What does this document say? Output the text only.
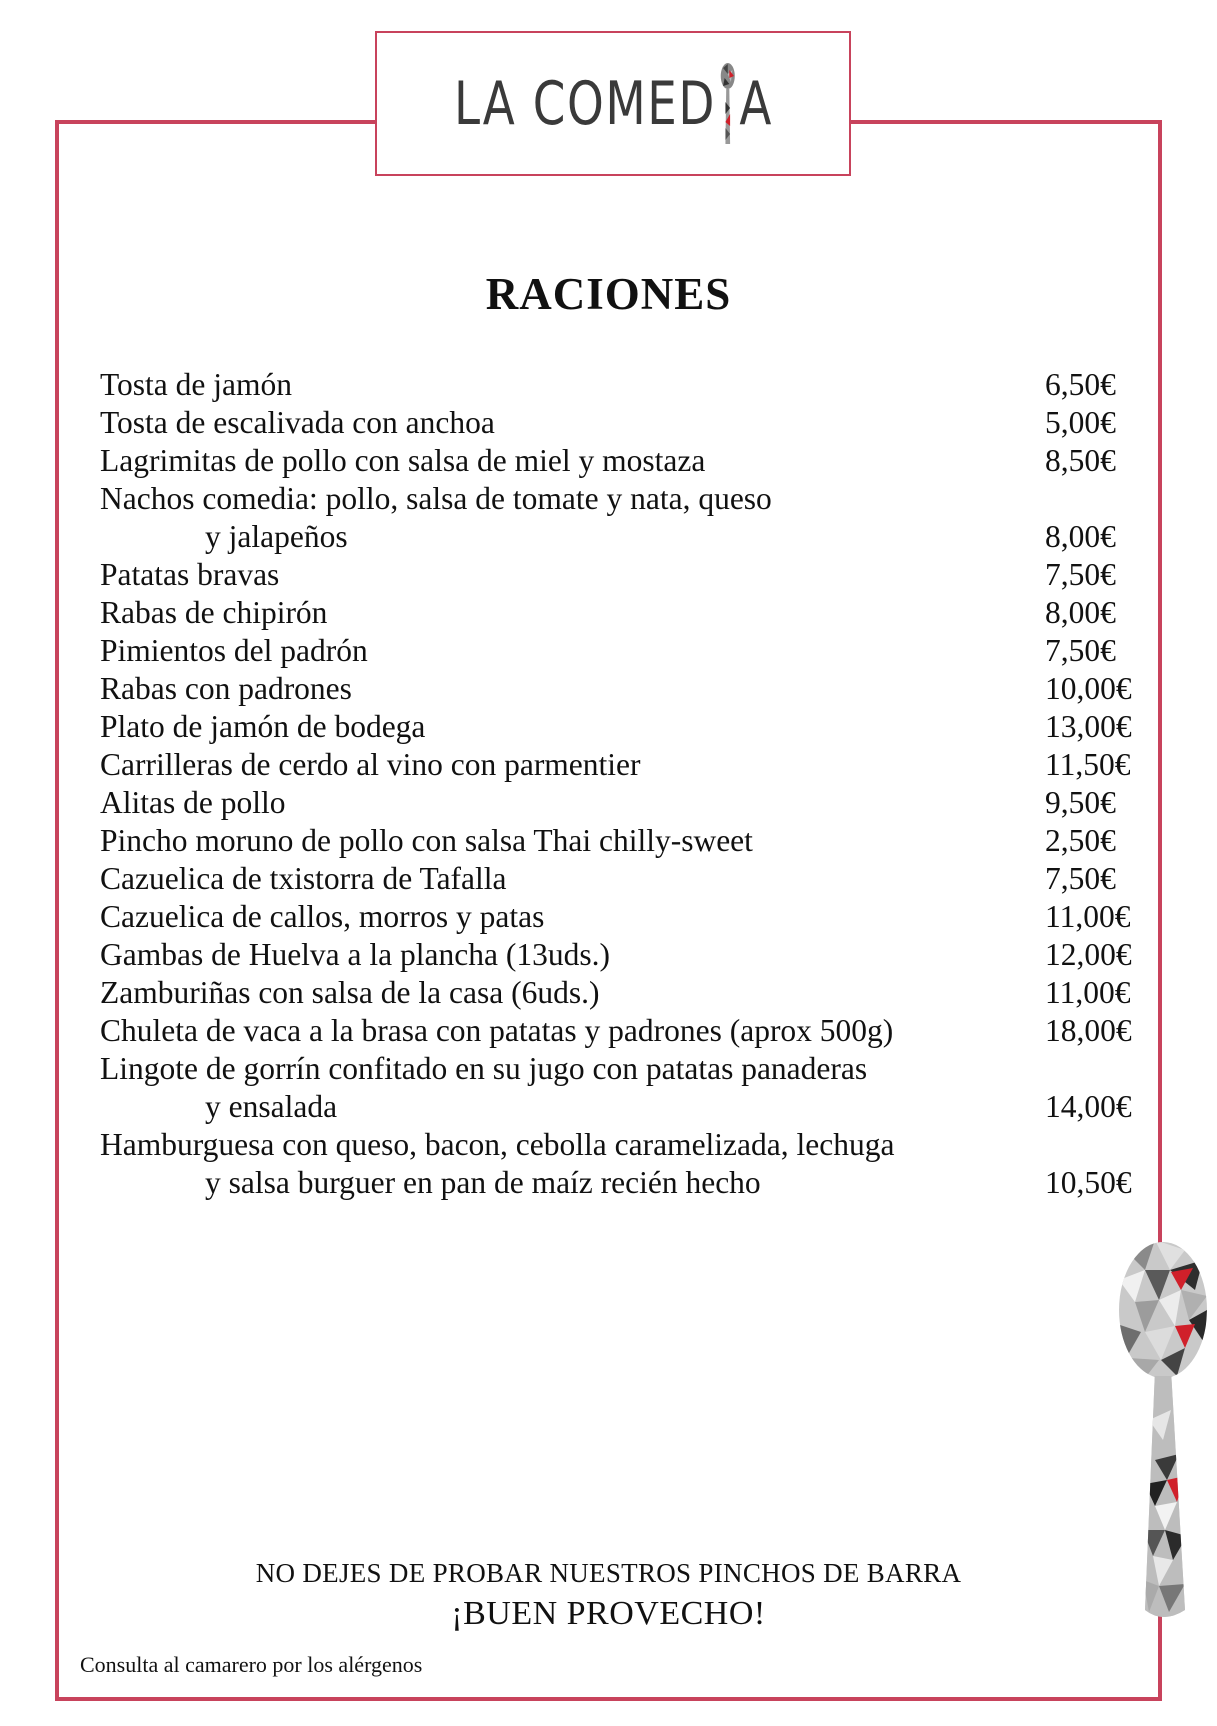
LA COMED A
RACIONES
Tosta de jamón	6,50€
Tosta de escalivada con anchoa	5,00€
Lagrimitas de pollo con salsa de miel y mostaza	8,50€
Nachos comedia: pollo, salsa de tomate y nata, queso
y jalapeños	8,00€
Patatas bravas	7,50€
Rabas de chipirón	8,00€
Pimientos del padrón	7,50€
Rabas con padrones	10,00€
Plato de jamón de bodega	13,00€
Carrilleras de cerdo al vino con parmentier	11,50€
Alitas de pollo	9,50€
Pincho moruno de pollo con salsa Thai chilly-sweet	2,50€
Cazuelica de txistorra de Tafalla	7,50€
Cazuelica de callos, morros y patas	11,00€
Gambas de Huelva a la plancha (13uds.)	12,00€
Zamburiñas con salsa de la casa (6uds.)	11,00€
Chuleta de vaca a la brasa con patatas y padrones (aprox 500g)	18,00€
Lingote de gorrín confitado en su jugo con patatas panaderas
y ensalada	14,00€
Hamburguesa con queso, bacon, cebolla caramelizada, lechuga
y salsa burguer en pan de maíz recién hecho	10,50€
NO DEJES DE PROBAR NUESTROS PINCHOS DE BARRA
¡BUEN PROVECHO!
Consulta al camarero por los alérgenos
